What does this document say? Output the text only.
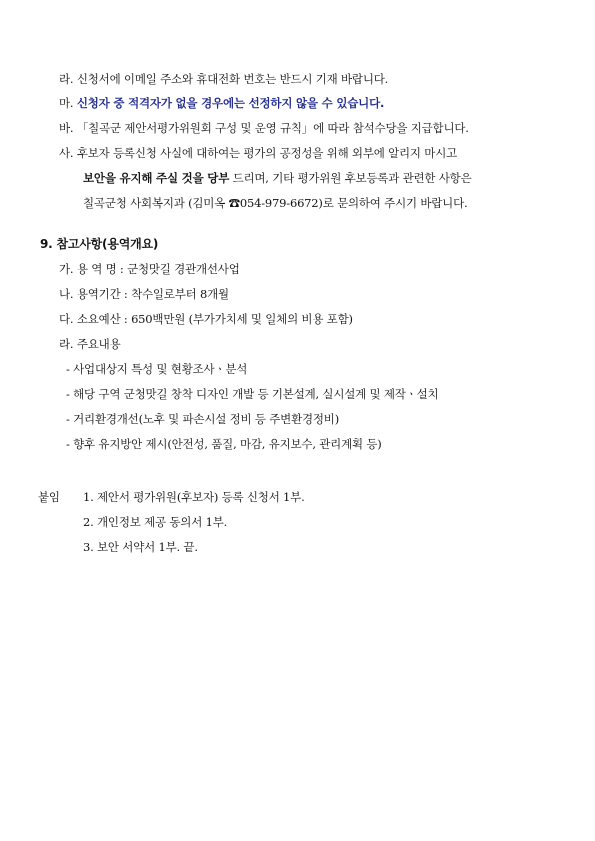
라. 신청서에 이메일 주소와 휴대전화 번호는 반드시 기재 바랍니다.
마. 신청자 중 적격자가 없을 경우에는 선정하지 않을 수 있습니다.
바. 「칠곡군 제안서평가위원회 구성 및 운영 규칙」에 따라 참석수당을 지급합니다.
사. 후보자 등록신청 사실에 대하여는 평가의 공정성을 위해 외부에 알리지 마시고
보안을 유지해 주실 것을 당부 드리며, 기타 평가위원 후보등록과 관련한 사항은
칠곡군청 사회복지과 (김미옥 ☎054-979-6672)로 문의하여 주시기 바랍니다.
9. 참고사항(용역개요)
가. 용 역 명 : 군청맛길 경관개선사업
나. 용역기간 : 착수일로부터 8개월
다. 소요예산 : 650백만원 (부가가치세 및 일체의 비용 포함)
라. 주요내용
- 사업대상지 특성 및 현황조사ㆍ분석
- 해당 구역 군청맛길 창착 디자인 개발 등 기본설계, 실시설계 및 제작ㆍ설치
- 거리환경개선(노후 및 파손시설 정비 등 주변환경정비)
- 향후 유지방안 제시(안전성, 품질, 마감, 유지보수, 관리계획 등)
붙임 1. 제안서 평가위원(후보자) 등록 신청서 1부.
2. 개인정보 제공 동의서 1부.
3. 보안 서약서 1부. 끝.
